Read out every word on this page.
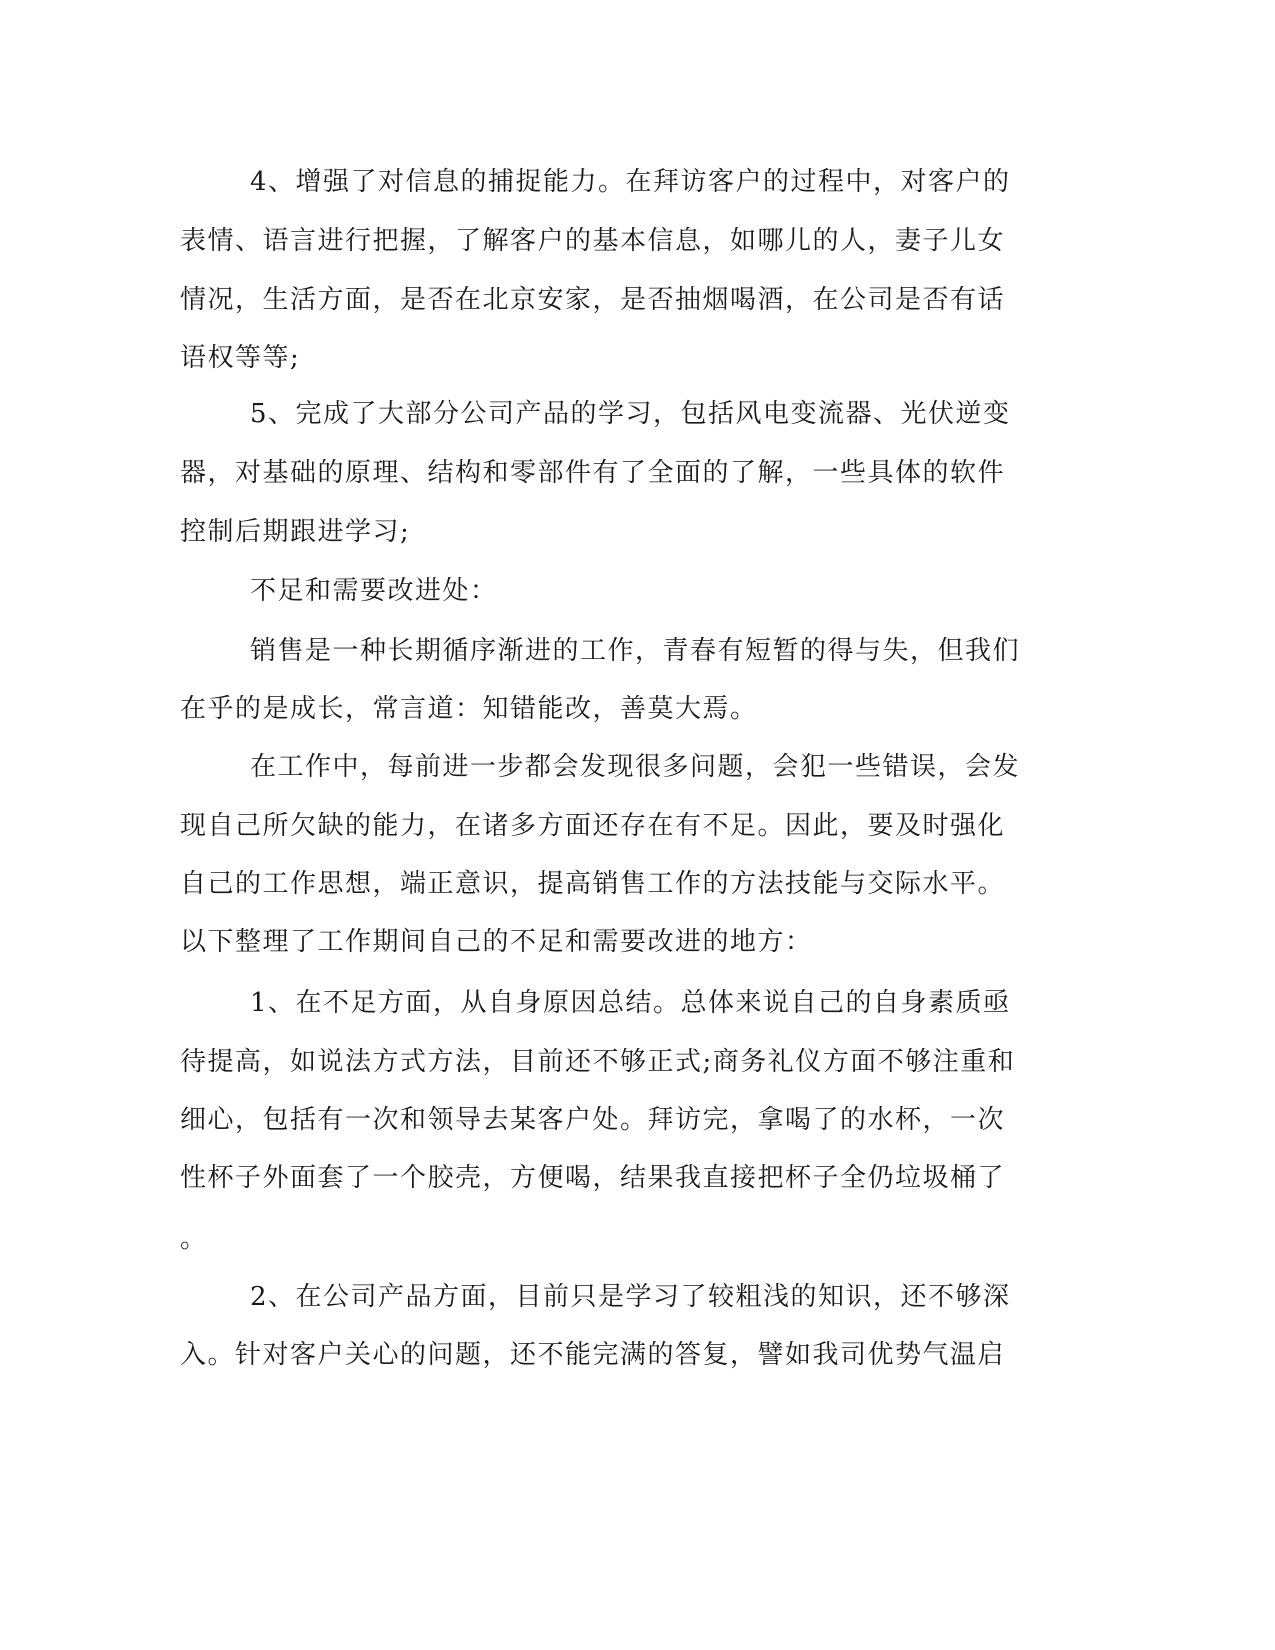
4、增强了对信息的捕捉能力。在拜访客户的过程中，对客户的
表情、语言进行把握，了解客户的基本信息，如哪儿的人，妻子儿女
情况，生活方面，是否在北京安家，是否抽烟喝酒，在公司是否有话
语权等等;
5、完成了大部分公司产品的学习，包括风电变流器、光伏逆变
器，对基础的原理、结构和零部件有了全面的了解，一些具体的软件
控制后期跟进学习;
不足和需要改进处：
销售是一种长期循序渐进的工作，青春有短暂的得与失，但我们
在乎的是成长，常言道：知错能改，善莫大焉。
在工作中，每前进一步都会发现很多问题，会犯一些错误，会发
现自己所欠缺的能力，在诸多方面还存在有不足。因此，要及时强化
自己的工作思想，端正意识，提高销售工作的方法技能与交际水平。
以下整理了工作期间自己的不足和需要改进的地方：
1、在不足方面，从自身原因总结。总体来说自己的自身素质亟
待提高，如说法方式方法，目前还不够正式;商务礼仪方面不够注重和
细心，包括有一次和领导去某客户处。拜访完，拿喝了的水杯，一次
性杯子外面套了一个胶壳，方便喝，结果我直接把杯子全仍垃圾桶了
。
2、在公司产品方面，目前只是学习了较粗浅的知识，还不够深
入。针对客户关心的问题，还不能完满的答复，譬如我司优势气温启
